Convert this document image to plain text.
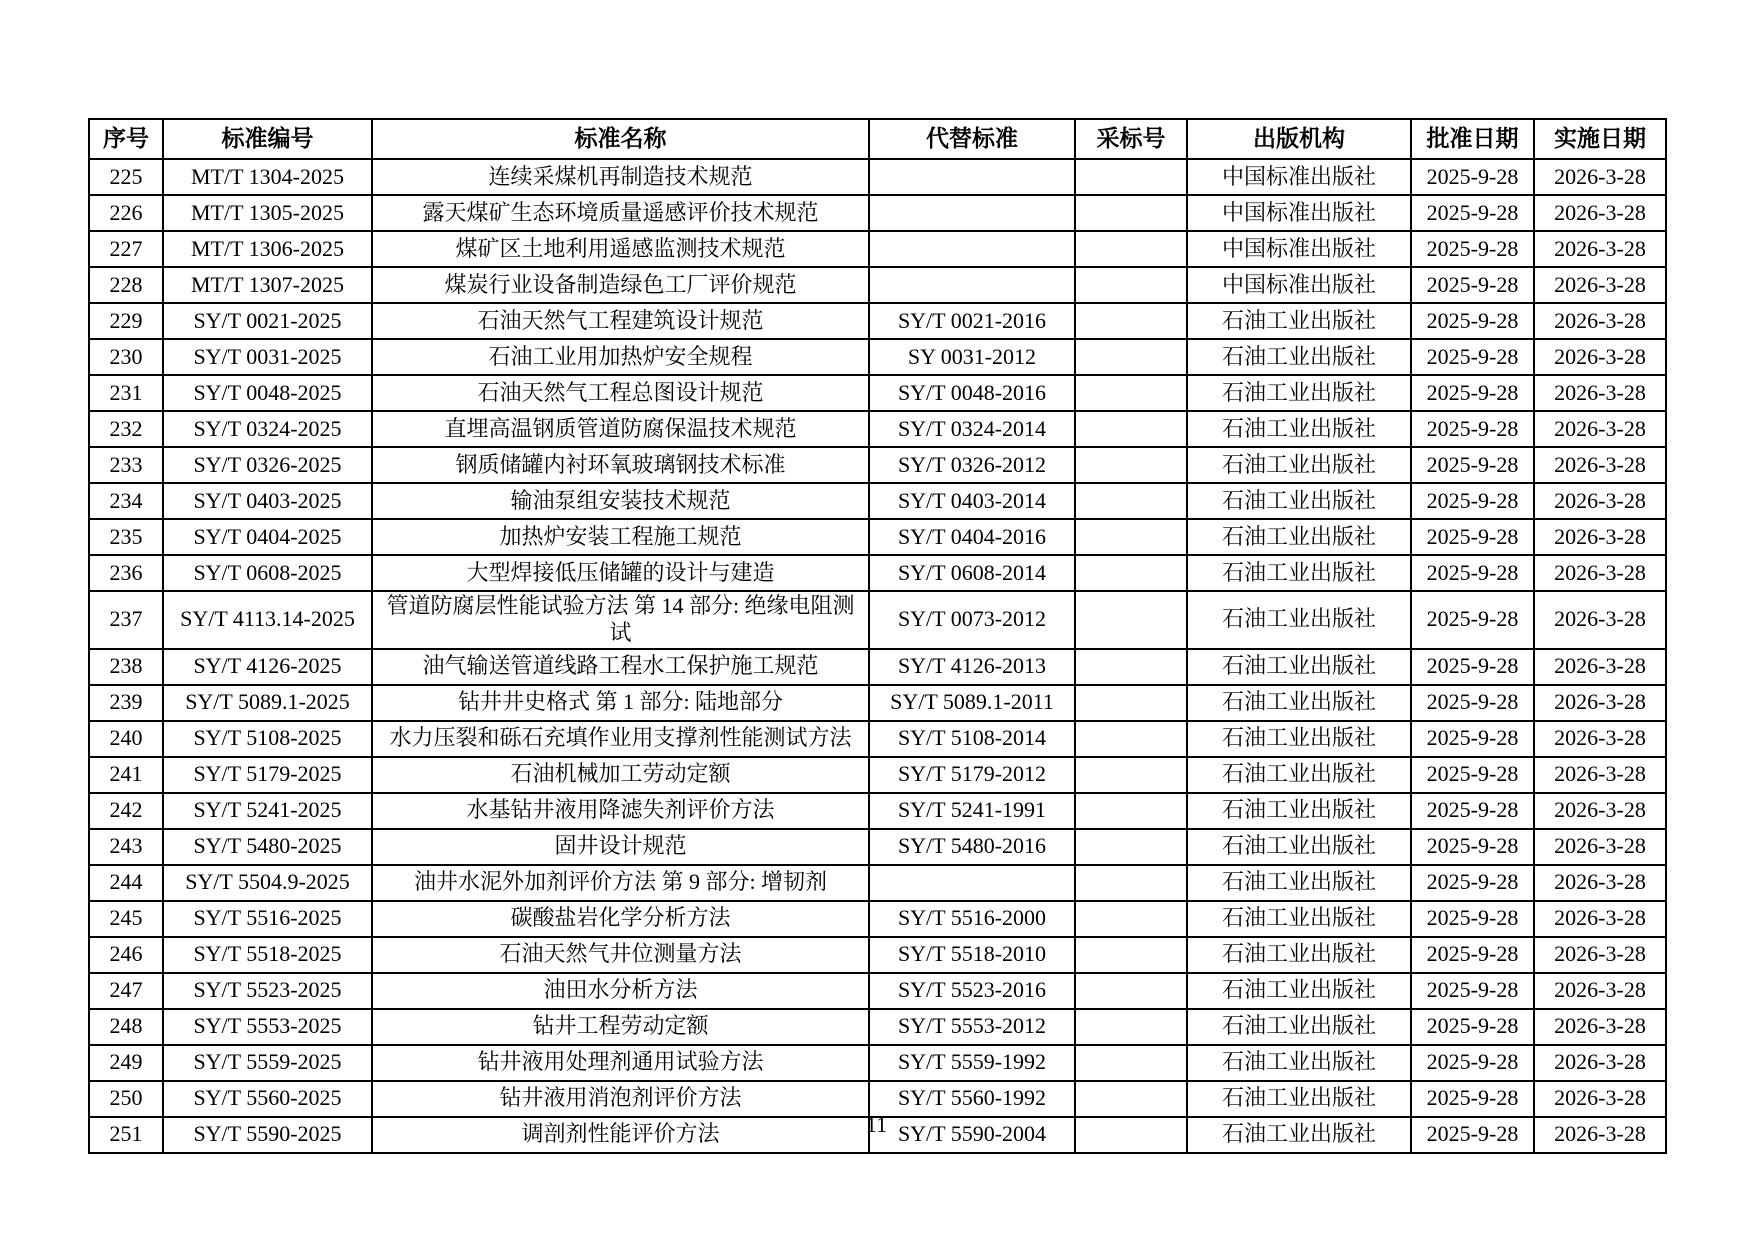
序号	标准编号	标准名称	代替标准	采标号	出版机构	批准日期	实施日期
225	MT/T 1304-2025	连续采煤机再制造技术规范			中国标准出版社	2025-9-28	2026-3-28
226	MT/T 1305-2025	露天煤矿生态环境质量遥感评价技术规范			中国标准出版社	2025-9-28	2026-3-28
227	MT/T 1306-2025	煤矿区土地利用遥感监测技术规范			中国标准出版社	2025-9-28	2026-3-28
228	MT/T 1307-2025	煤炭行业设备制造绿色工厂评价规范			中国标准出版社	2025-9-28	2026-3-28
229	SY/T 0021-2025	石油天然气工程建筑设计规范	SY/T 0021-2016		石油工业出版社	2025-9-28	2026-3-28
230	SY/T 0031-2025	石油工业用加热炉安全规程	SY 0031-2012		石油工业出版社	2025-9-28	2026-3-28
231	SY/T 0048-2025	石油天然气工程总图设计规范	SY/T 0048-2016		石油工业出版社	2025-9-28	2026-3-28
232	SY/T 0324-2025	直埋高温钢质管道防腐保温技术规范	SY/T 0324-2014		石油工业出版社	2025-9-28	2026-3-28
233	SY/T 0326-2025	钢质储罐内衬环氧玻璃钢技术标准	SY/T 0326-2012		石油工业出版社	2025-9-28	2026-3-28
234	SY/T 0403-2025	输油泵组安装技术规范	SY/T 0403-2014		石油工业出版社	2025-9-28	2026-3-28
235	SY/T 0404-2025	加热炉安装工程施工规范	SY/T 0404-2016		石油工业出版社	2025-9-28	2026-3-28
236	SY/T 0608-2025	大型焊接低压储罐的设计与建造	SY/T 0608-2014		石油工业出版社	2025-9-28	2026-3-28
237	SY/T 4113.14-2025	管道防腐层性能试验方法 第 14 部分: 绝缘电阻测试	SY/T 0073-2012		石油工业出版社	2025-9-28	2026-3-28
238	SY/T 4126-2025	油气输送管道线路工程水工保护施工规范	SY/T 4126-2013		石油工业出版社	2025-9-28	2026-3-28
239	SY/T 5089.1-2025	钻井井史格式 第 1 部分: 陆地部分	SY/T 5089.1-2011		石油工业出版社	2025-9-28	2026-3-28
240	SY/T 5108-2025	水力压裂和砾石充填作业用支撑剂性能测试方法	SY/T 5108-2014		石油工业出版社	2025-9-28	2026-3-28
241	SY/T 5179-2025	石油机械加工劳动定额	SY/T 5179-2012		石油工业出版社	2025-9-28	2026-3-28
242	SY/T 5241-2025	水基钻井液用降滤失剂评价方法	SY/T 5241-1991		石油工业出版社	2025-9-28	2026-3-28
243	SY/T 5480-2025	固井设计规范	SY/T 5480-2016		石油工业出版社	2025-9-28	2026-3-28
244	SY/T 5504.9-2025	油井水泥外加剂评价方法 第 9 部分: 增韧剂			石油工业出版社	2025-9-28	2026-3-28
245	SY/T 5516-2025	碳酸盐岩化学分析方法	SY/T 5516-2000		石油工业出版社	2025-9-28	2026-3-28
246	SY/T 5518-2025	石油天然气井位测量方法	SY/T 5518-2010		石油工业出版社	2025-9-28	2026-3-28
247	SY/T 5523-2025	油田水分析方法	SY/T 5523-2016		石油工业出版社	2025-9-28	2026-3-28
248	SY/T 5553-2025	钻井工程劳动定额	SY/T 5553-2012		石油工业出版社	2025-9-28	2026-3-28
249	SY/T 5559-2025	钻井液用处理剂通用试验方法	SY/T 5559-1992		石油工业出版社	2025-9-28	2026-3-28
250	SY/T 5560-2025	钻井液用消泡剂评价方法	SY/T 5560-1992		石油工业出版社	2025-9-28	2026-3-28
251	SY/T 5590-2025	调剖剂性能评价方法	SY/T 5590-2004		石油工业出版社	2025-9-28	2026-3-28
11
